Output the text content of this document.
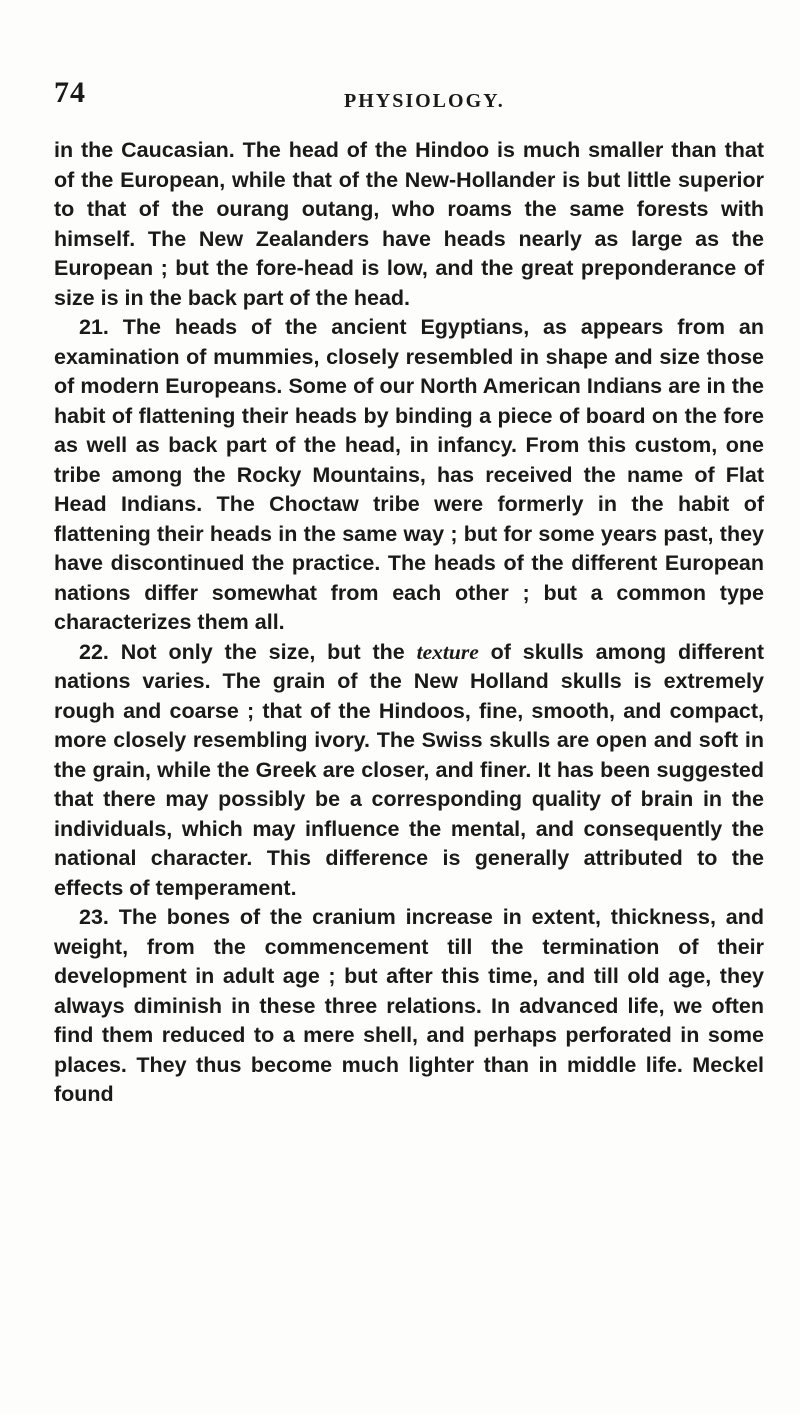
74	PHYSIOLOGY.

in the Caucasian. The head of the Hindoo is much smaller than that of the European, while that of the New-Hollander is but little superior to that of the ourang outang, who roams the same forests with himself. The New Zealanders have heads nearly as large as the European ; but the fore-head is low, and the great preponderance of size is in the back part of the head.

21. The heads of the ancient Egyptians, as appears from an examination of mummies, closely resembled in shape and size those of modern Europeans. Some of our North American Indians are in the habit of flattening their heads by binding a piece of board on the fore as well as back part of the head, in infancy. From this custom, one tribe among the Rocky Mountains, has received the name of Flat Head Indians. The Choctaw tribe were formerly in the habit of flattening their heads in the same way ; but for some years past, they have discontinued the practice. The heads of the different European nations differ somewhat from each other ; but a common type characterizes them all.

22. Not only the size, but the texture of skulls among different nations varies. The grain of the New Holland skulls is extremely rough and coarse ; that of the Hindoos, fine, smooth, and compact, more closely resembling ivory. The Swiss skulls are open and soft in the grain, while the Greek are closer, and finer. It has been suggested that there may possibly be a corresponding quality of brain in the individuals, which may influence the mental, and consequently the national character. This difference is generally attributed to the effects of temperament.

23. The bones of the cranium increase in extent, thickness, and weight, from the commencement till the termination of their development in adult age ; but after this time, and till old age, they always diminish in these three relations. In advanced life, we often find them reduced to a mere shell, and perhaps perforated in some places. They thus become much lighter than in middle life. Meckel found
